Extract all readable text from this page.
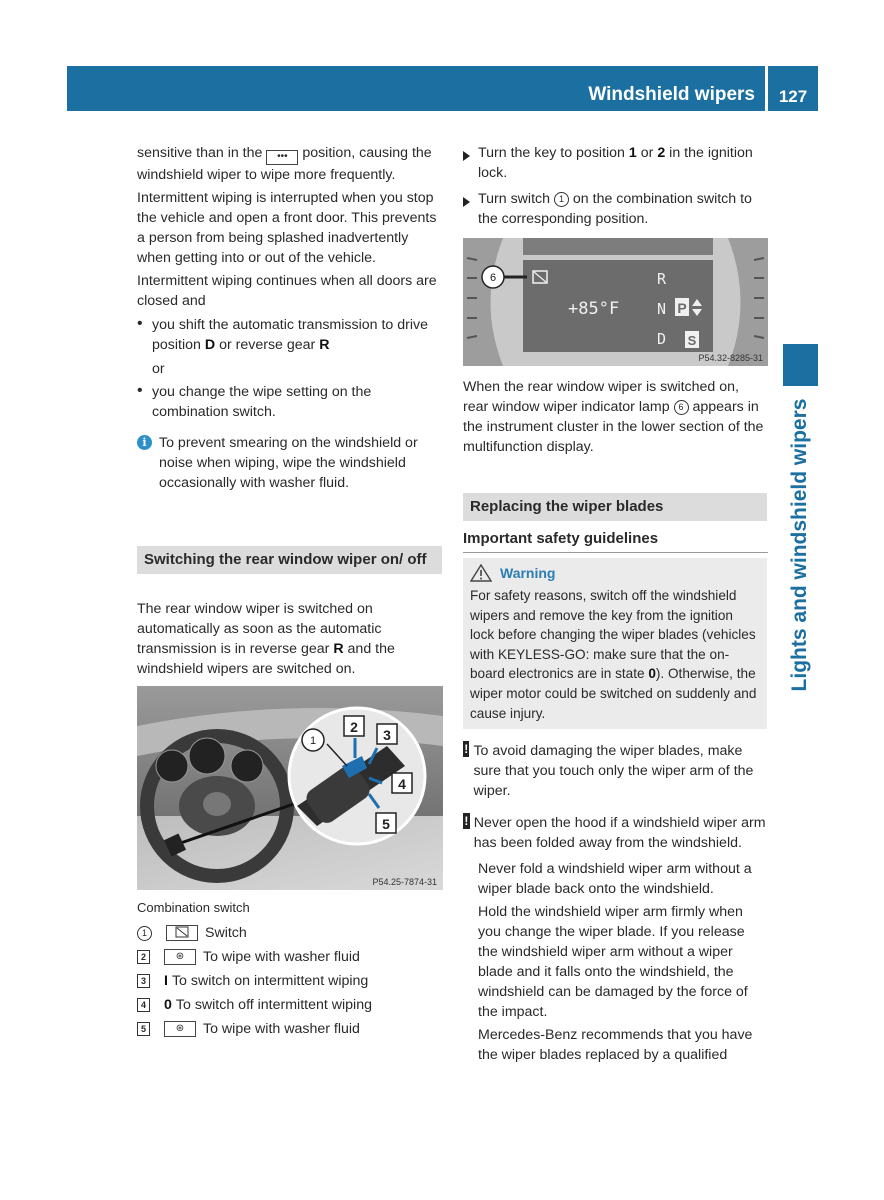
Windshield wipers	127
Lights and windshield wipers

sensitive than in the ••• position, causing the windshield wiper to wipe more frequently.

Intermittent wiping is interrupted when you stop the vehicle and open a front door. This prevents a person from being splashed inadvertently when getting into or out of the vehicle.

Intermittent wiping continues when all doors are closed and

• you shift the automatic transmission to drive position D or reverse gear R

or

• you change the wipe setting on the combination switch.

i To prevent smearing on the windshield or noise when wiping, wipe the windshield occasionally with washer fluid.

Switching the rear window wiper on/ off

The rear window wiper is switched on automatically as soon as the automatic transmission is in reverse gear R and the windshield wipers are switched on.

1
2 3
4
5
P54.25-7874-31

Combination switch

1	Switch
2	⊛	To wipe with washer fluid
3 I To switch on intermittent wiping
4 0 To switch off intermittent wiping
5	⊛	To wipe with washer fluid

Turn the key to position 1 or 2 in the ignition lock.

Turn switch 1 on the combination switch to the corresponding position.

6
+85°F
R
N
D
P
S
P54.32-8285-31

When the rear window wiper is switched on, rear window wiper indicator lamp 6 appears in the instrument cluster in the lower section of the multifunction display.

Replacing the wiper blades
Important safety guidelines
Warning

For safety reasons, switch off the windshield wipers and remove the key from the ignition lock before changing the wiper blades (vehicles with KEYLESS-GO: make sure that the on-board electronics are in state 0). Otherwise, the wiper motor could be switched on suddenly and cause injury.

! To avoid damaging the wiper blades, make sure that you touch only the wiper arm of the wiper.

! Never open the hood if a windshield wiper arm has been folded away from the windshield.

Never fold a windshield wiper arm without a wiper blade back onto the windshield.

Hold the windshield wiper arm firmly when you change the wiper blade. If you release the windshield wiper arm without a wiper blade and it falls onto the windshield, the windshield can be damaged by the force of the impact.

Mercedes-Benz recommends that you have the wiper blades replaced by a qualified
